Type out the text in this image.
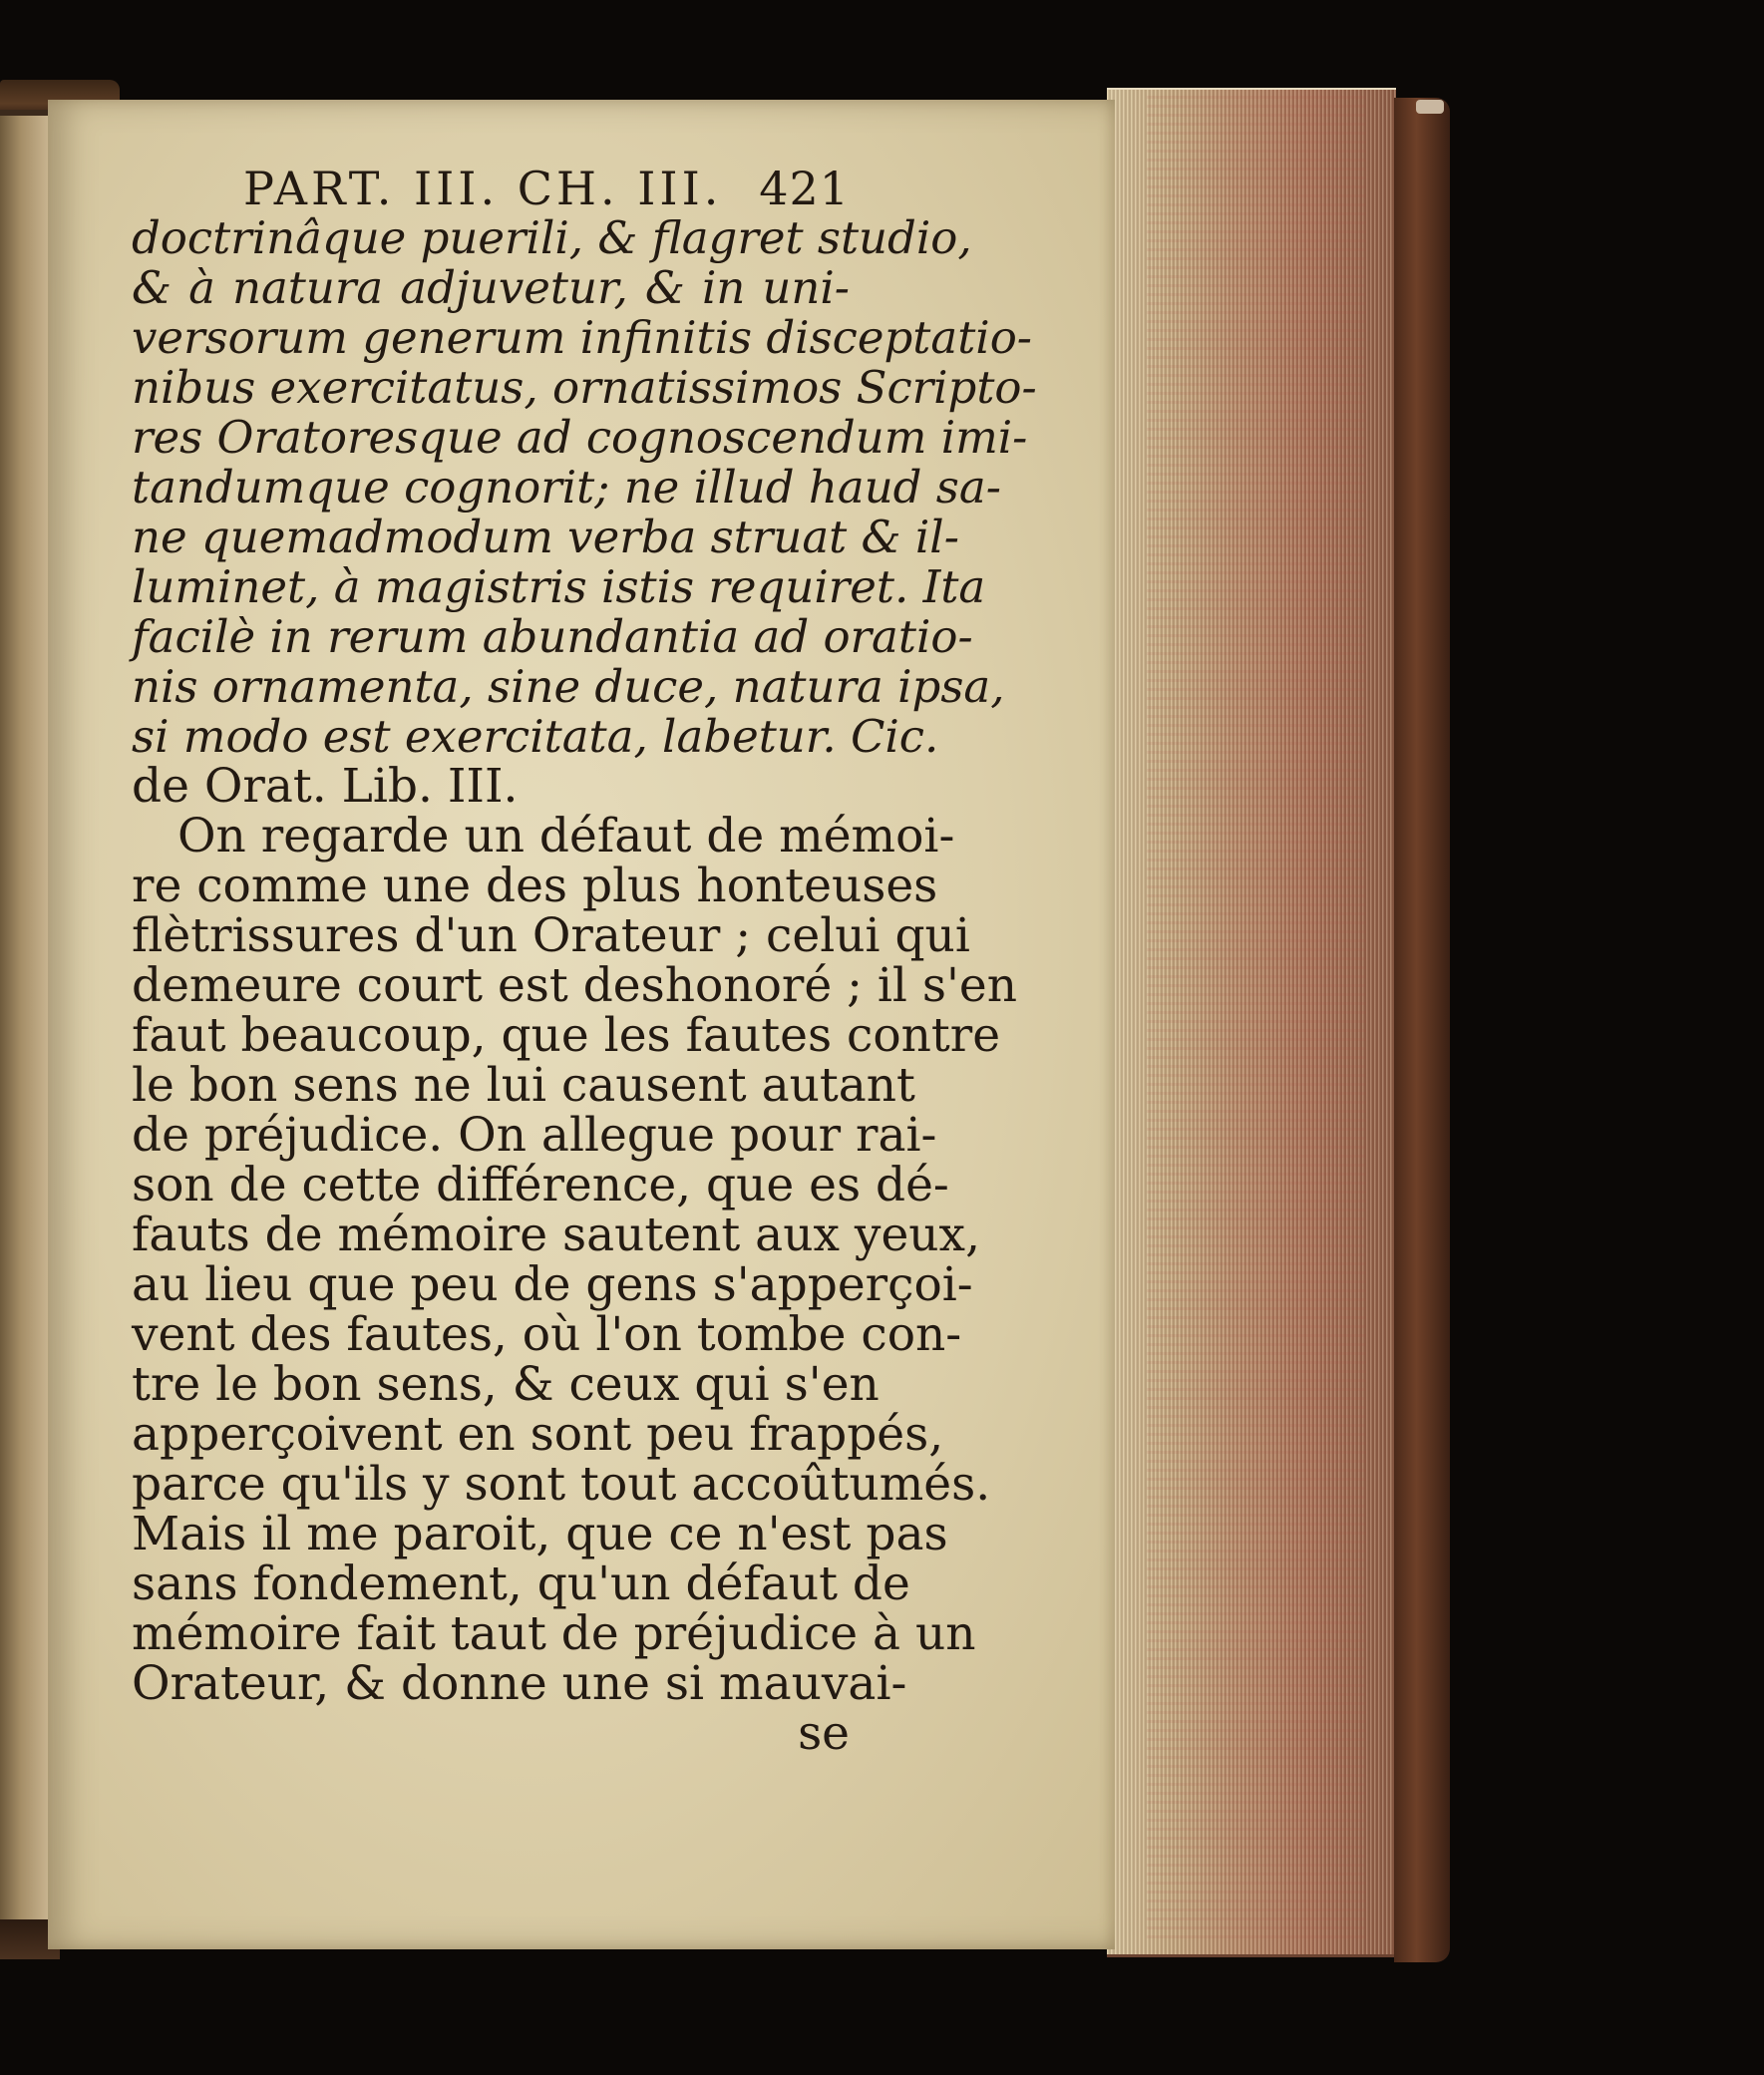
PART. III. CH. III. 421
doctrinâque puerili, & flagret studio,
& à natura adjuvetur, & in uni-
versorum generum infinitis disceptatio-
nibus exercitatus, ornatissimos Scripto-
res Oratoresque ad cognoscendum imi-
tandumque cognorit; ne illud haud sa-
ne quemadmodum verba struat & il-
luminet, à magistris istis requiret. Ita
facilè in rerum abundantia ad oratio-
nis ornamenta, sine duce, natura ipsa,
si modo est exercitata, labetur. Cic.
de Orat. Lib. III.
On regarde un défaut de mémoi-
re comme une des plus honteuses
flètrissures d'un Orateur ; celui qui
demeure court est deshonoré ; il s'en
faut beaucoup, que les fautes contre
le bon sens ne lui causent autant
de préjudice. On allegue pour rai-
son de cette différence, que es dé-
fauts de mémoire sautent aux yeux,
au lieu que peu de gens s'apperçoi-
vent des fautes, où l'on tombe con-
tre le bon sens, & ceux qui s'en
apperçoivent en sont peu frappés,
parce qu'ils y sont tout accoûtumés.
Mais il me paroit, que ce n'est pas
sans fondement, qu'un défaut de
mémoire fait taut de préjudice à un
Orateur, & donne une si mauvai-
se
